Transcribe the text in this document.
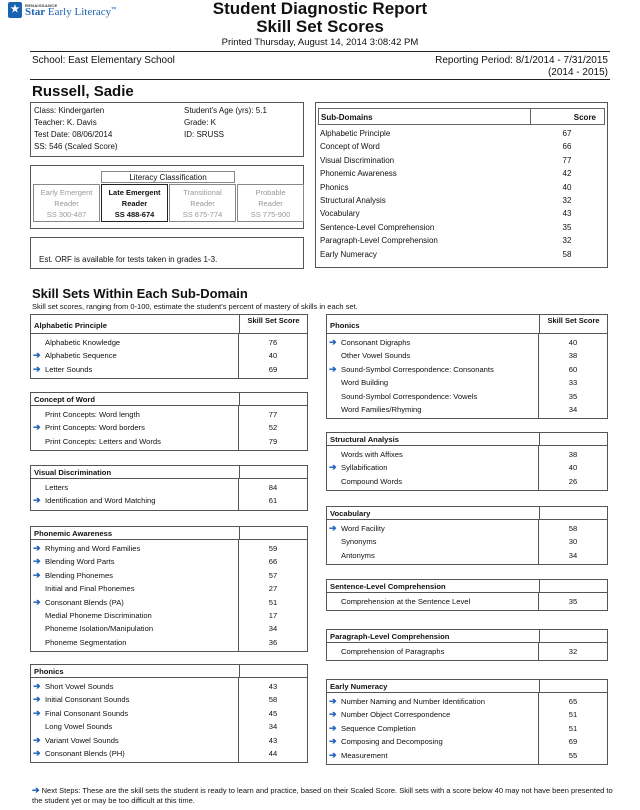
★	RENAISSANCE
Star Early Literacy™	Student Diagnostic Report
Skill Set Scores
Printed Thursday, August 14, 2014 3:08:42 PM
School: East Elementary School	Reporting Period: 8/1/2014 - 7/31/2015
(2014 - 2015)
Russell, Sadie
Class: Kindergarten
Teacher: K. Davis
Test Date: 08/06/2014
SS: 546 (Scaled Score)
Student's Age (yrs): 5.1
Grade: K
ID: SRUSS
Literacy Classification
Early Emergent
Reader
SS 300-487
Late Emergent
Reader
SS 488-674
Transitional
Reader
SS 675-774
Probable
Reader
SS 775-900
Est. ORF is available for tests taken in grades 1-3.
Sub-Domains	Score
Alphabetic Principle	67
Concept of Word	66
Visual Discrimination	77
Phonemic Awareness	42
Phonics	40
Structural Analysis	32
Vocabulary	43
Sentence-Level Comprehension	35
Paragraph-Level Comprehension	32
Early Numeracy	58
Skill Sets Within Each Sub-Domain
Skill set scores, ranging from 0-100, estimate the student's percent of mastery of skills in each set.
Alphabetic Principle
Skill Set Score
Alphabetic Knowledge	76
➔ Alphabetic Sequence	40
➔ Letter Sounds	69
Concept of Word
Print Concepts: Word length	77
➔ Print Concepts: Word borders	52
Print Concepts: Letters and Words	79
Visual Discrimination
Letters	84
➔ Identification and Word Matching	61
Phonemic Awareness
➔ Rhyming and Word Families	59
➔ Blending Word Parts	66
➔ Blending Phonemes	57
Initial and Final Phonemes	27
➔ Consonant Blends (PA)	51
Medial Phoneme Discrimination	17
Phoneme Isolation/Manipulation	34
Phoneme Segmentation	36
Phonics
➔ Short Vowel Sounds	43
➔ Initial Consonant Sounds	58
➔ Final Consonant Sounds	45
Long Vowel Sounds	34
➔ Variant Vowel Sounds	43
➔ Consonant Blends (PH)	44
Phonics
Skill Set Score
➔ Consonant Digraphs	40
Other Vowel Sounds	38
➔ Sound-Symbol Correspondence: Consonants	60
Word Building	33
Sound-Symbol Correspondence: Vowels	35
Word Families/Rhyming	34
Structural Analysis
Words with Affixes	38
➔ Syllabification	40
Compound Words	26
Vocabulary
➔ Word Facility	58
Synonyms	30
Antonyms	34
Sentence-Level Comprehension
Comprehension at the Sentence Level	35
Paragraph-Level Comprehension
Comprehension of Paragraphs	32
Early Numeracy
➔ Number Naming and Number Identification	65
➔ Number Object Correspondence	51
➔ Sequence Completion	51
➔ Composing and Decomposing	69
➔ Measurement	55
➔ Next Steps: These are the skill sets the student is ready to learn and practice, based on their Scaled Score. Skill sets with a score below 40 may not have been presented to the student yet or may be too difficult at this time.
